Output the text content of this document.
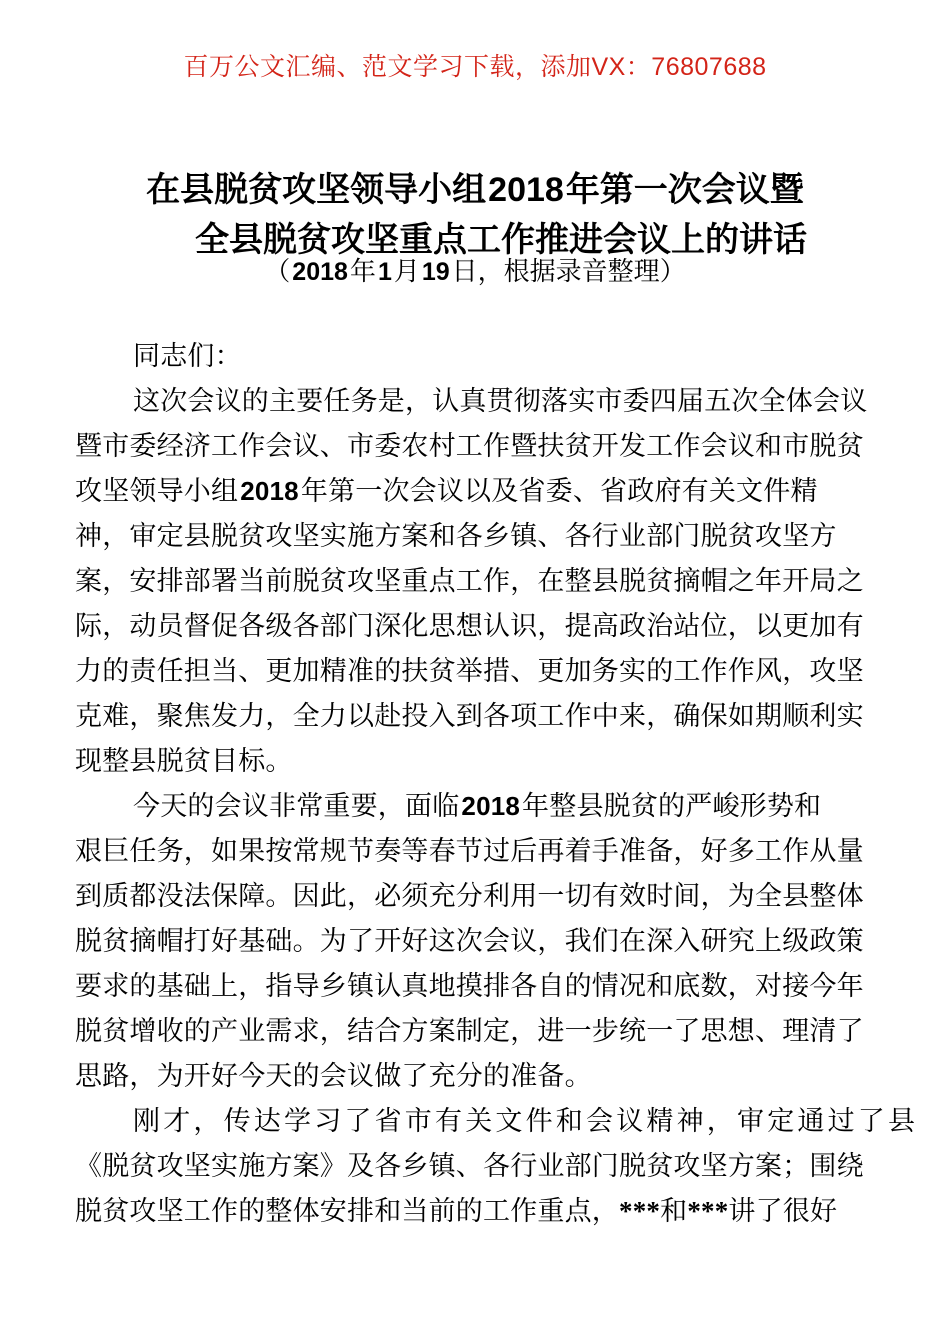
百万公文汇编、范文学习下载，添加VX：76807688
在县脱贫攻坚领导小组2018年第一次会议暨
全县脱贫攻坚重点工作推进会议上的讲话
（2018年1月19日，根据录音整理）
同志们：
这次会议的主要任务是，认真贯彻落实市委四届五次全体会议
暨市委经济工作会议、市委农村工作暨扶贫开发工作会议和市脱贫
攻坚领导小组2018年第一次会议以及省委、省政府有关文件精
神，审定县脱贫攻坚实施方案和各乡镇、各行业部门脱贫攻坚方
案，安排部署当前脱贫攻坚重点工作，在整县脱贫摘帽之年开局之
际，动员督促各级各部门深化思想认识，提高政治站位，以更加有
力的责任担当、更加精准的扶贫举措、更加务实的工作作风，攻坚
克难，聚焦发力，全力以赴投入到各项工作中来，确保如期顺利实
现整县脱贫目标。
今天的会议非常重要，面临2018年整县脱贫的严峻形势和
艰巨任务，如果按常规节奏等春节过后再着手准备，好多工作从量
到质都没法保障。因此，必须充分利用一切有效时间，为全县整体
脱贫摘帽打好基础。为了开好这次会议，我们在深入研究上级政策
要求的基础上，指导乡镇认真地摸排各自的情况和底数，对接今年
脱贫增收的产业需求，结合方案制定，进一步统一了思想、理清了
思路，为开好今天的会议做了充分的准备。
刚才，传达学习了省市有关文件和会议精神，审定通过了县
《脱贫攻坚实施方案》及各乡镇、各行业部门脱贫攻坚方案；围绕
脱贫攻坚工作的整体安排和当前的工作重点，***和***讲了很好
